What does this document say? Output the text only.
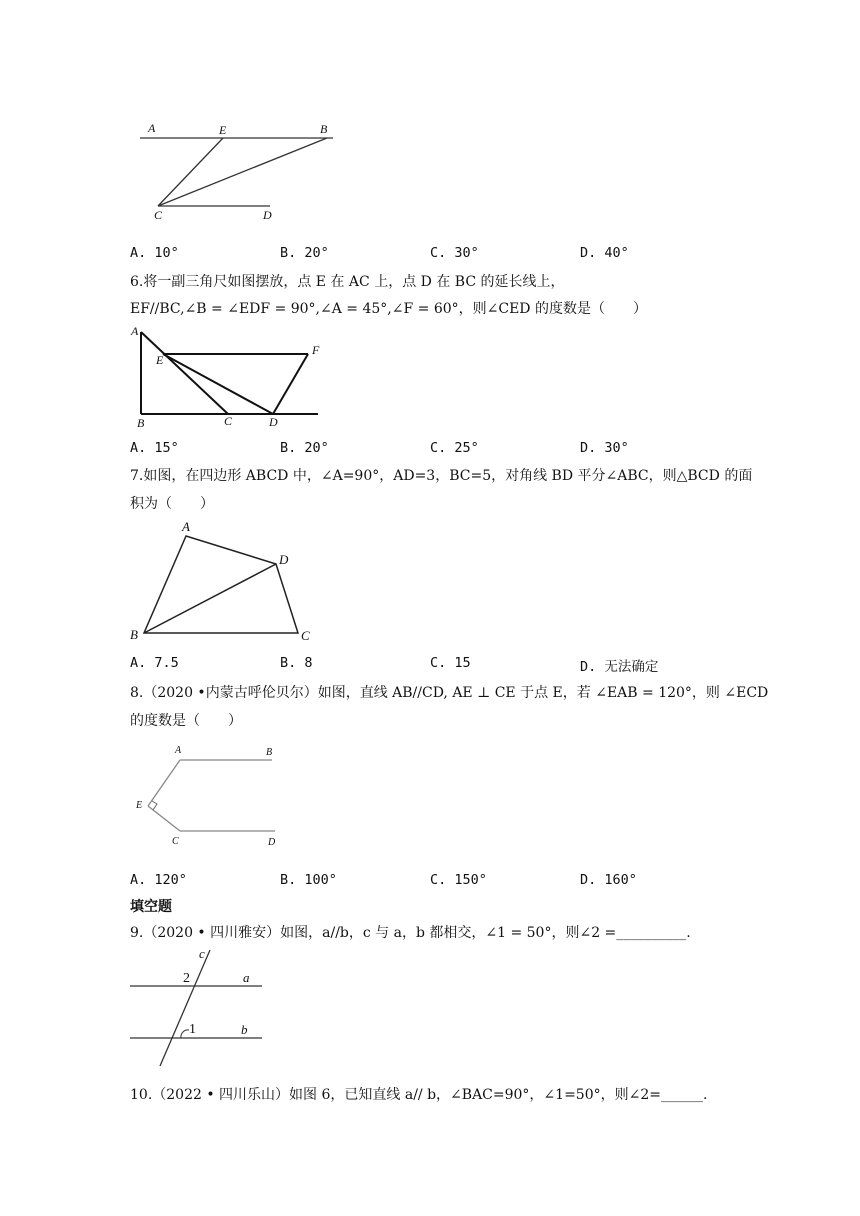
A	E	B
C	D
A. 10°	B. 20°	C. 30°	D. 40°
6.将一副三角尺如图摆放，点 E 在 AC 上，点 D 在 BC 的延长线上，
EF//BC,∠B = ∠EDF = 90°,∠A = 45°,∠F = 60°，则∠CED 的度数是（　　）
A
E
F
B	C	D
A. 15°	B. 20°	C. 25°	D. 30°
7.如图，在四边形 ABCD 中，∠A=90°，AD=3，BC=5，对角线 BD 平分∠ABC，则△BCD 的面
积为（　　）
A
D
B	C
A. 7.5	B. 8	C. 15	D. 无法确定
8.（2020 •内蒙古呼伦贝尔）如图，直线 AB//CD, AE ⊥ CE 于点 E，若 ∠EAB = 120°，则 ∠ECD
的度数是（　　）
A	B
E
C	D
A. 120°	B. 100°	C. 150°	D. 160°
填空题
9.（2020 • 四川雅安）如图，a//b，c 与 a，b 都相交，∠1 = 50°，则∠2 =__________.
c
2	a
1	b
10.（2022 • 四川乐山）如图 6，已知直线 a// b，∠BAC=90°，∠1=50°，则∠2=______.
